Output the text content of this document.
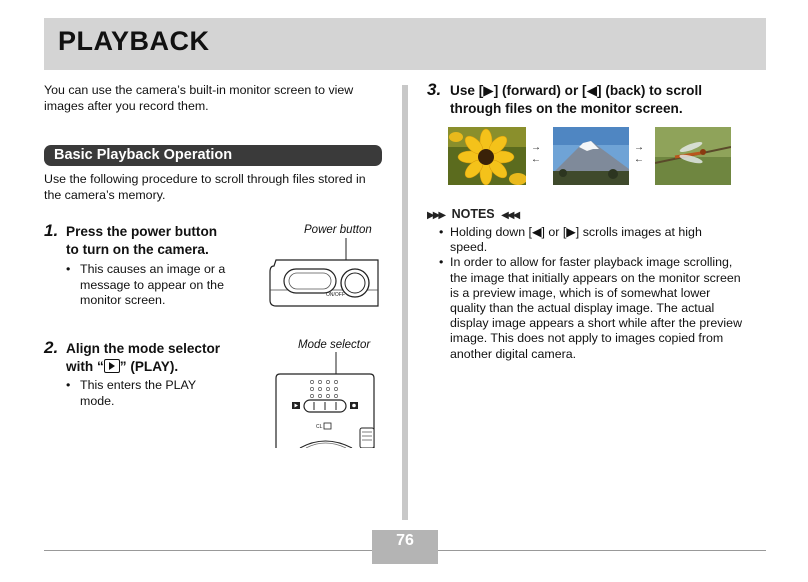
PLAYBACK
You can use the camera’s built-in monitor screen to view
images after you record them.
Basic Playback Operation
Use the following procedure to scroll through files stored in
the camera’s memory.
1. Press the power button
to turn on the camera.
• This causes an image or a
message to appear on the
monitor screen.
Power button
ON/OFF
2. Align the mode selector
with “ ” (PLAY).
• This enters the PLAY
mode.
Mode selector
CL
3. Use [▶] (forward) or [◀] (back) to scroll
through files on the monitor screen.
→
←
→
←
▶▶▶ NOTES ◀◀◀
• Holding down [◀] or [▶] scrolls images at high
speed.
• In order to allow for faster playback image scrolling,
the image that initially appears on the monitor screen
is a preview image, which is of somewhat lower
quality than the actual display image. The actual
display image appears a short while after the preview
image. This does not apply to images copied from
another digital camera.
76
